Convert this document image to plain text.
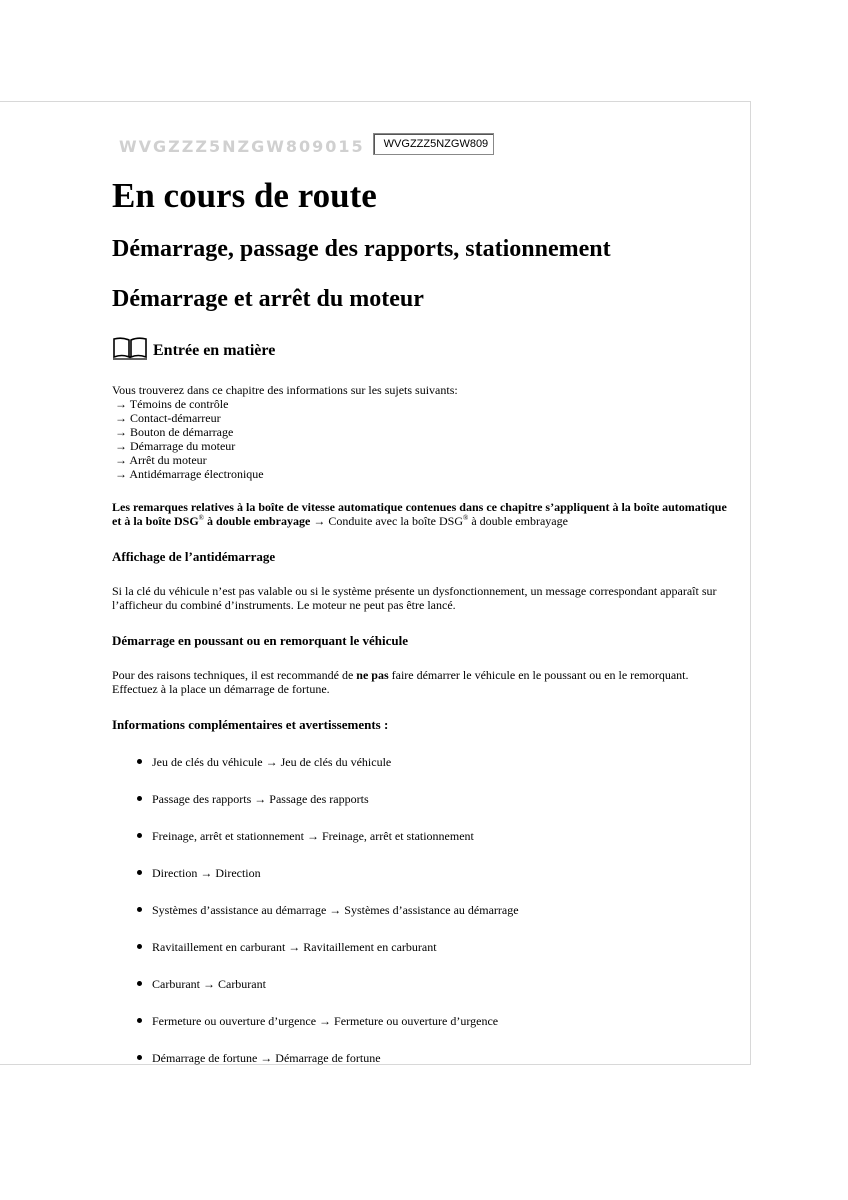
WVGZZZ5NZGW809015	WVGZZZ5NZGW809
En cours de route
Démarrage, passage des rapports, stationnement
Démarrage et arrêt du moteur
Entrée en matière
Vous trouverez dans ce chapitre des informations sur les sujets suivants:
→ Témoins de contrôle
→ Contact-démarreur
→ Bouton de démarrage
→ Démarrage du moteur
→ Arrêt du moteur
→ Antidémarrage électronique
Les remarques relatives à la boîte de vitesse automatique contenues dans ce chapitre s’appliquent à la boîte automatique
et à la boîte DSG® à double embrayage → Conduite avec la boîte DSG® à double embrayage
Affichage de l’antidémarrage
Si la clé du véhicule n’est pas valable ou si le système présente un dysfonctionnement, un message correspondant apparaît sur
l’afficheur du combiné d’instruments. Le moteur ne peut pas être lancé.
Démarrage en poussant ou en remorquant le véhicule
Pour des raisons techniques, il est recommandé de ne pas faire démarrer le véhicule en le poussant ou en le remorquant.
Effectuez à la place un démarrage de fortune.
Informations complémentaires et avertissements :
Jeu de clés du véhicule → Jeu de clés du véhicule
Passage des rapports → Passage des rapports
Freinage, arrêt et stationnement → Freinage, arrêt et stationnement
Direction → Direction
Systèmes d’assistance au démarrage → Systèmes d’assistance au démarrage
Ravitaillement en carburant → Ravitaillement en carburant
Carburant → Carburant
Fermeture ou ouverture d’urgence → Fermeture ou ouverture d’urgence
Démarrage de fortune → Démarrage de fortune
